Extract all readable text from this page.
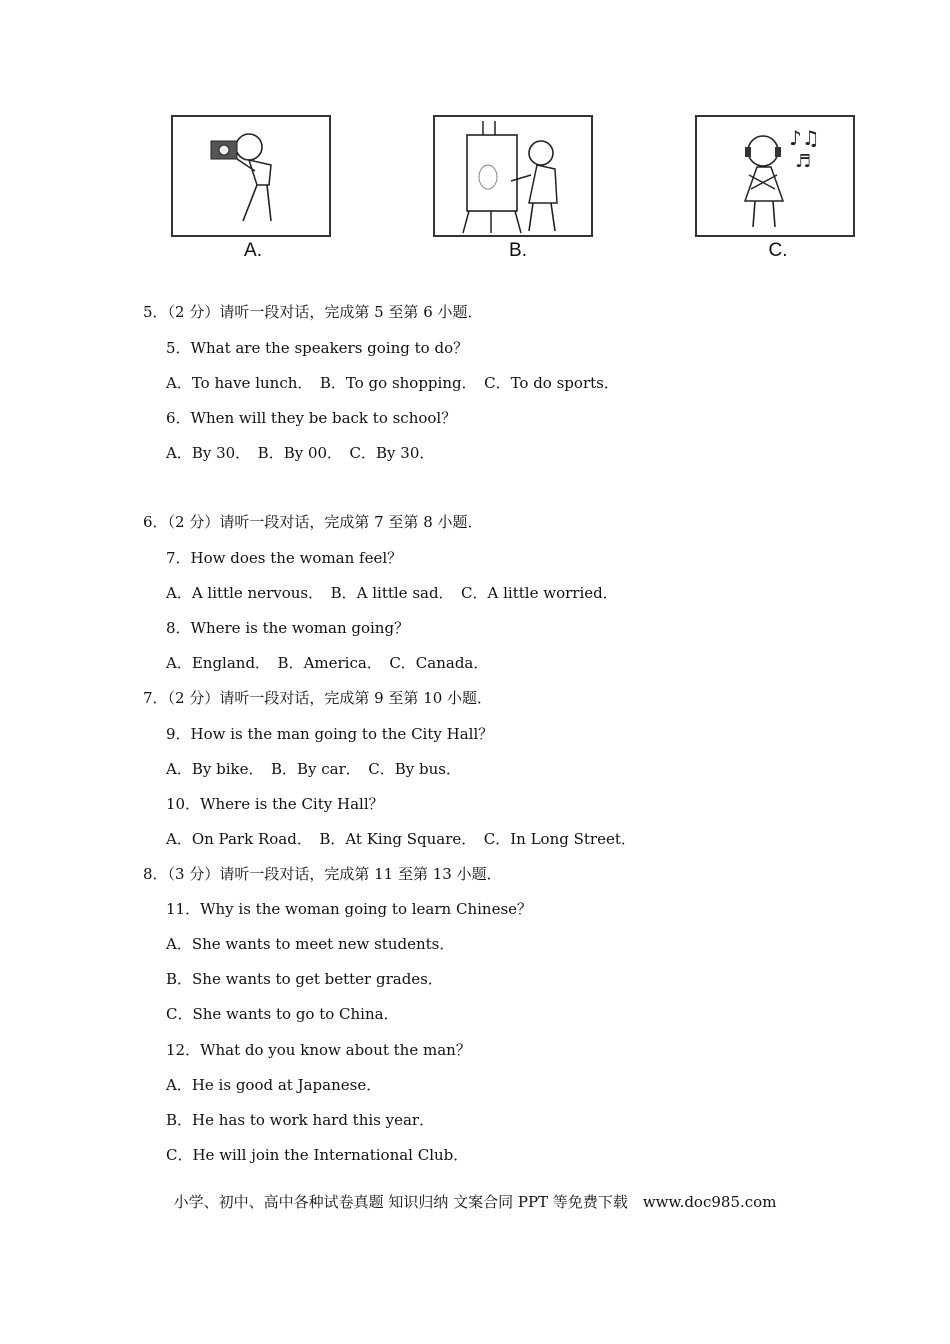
A.	B.
♪♫
♬
C.
5．（2 分）请听一段对话，完成第 5 至第 6 小题．
5．What are the speakers going to do？
A．To have lunch．　B．To go shopping．　C．To do sports．
6．When will they be back to school？
A．By 30．　B．By 00．　C．By 30．
6．（2 分）请听一段对话，完成第 7 至第 8 小题．
7．How does the woman feel？
A．A little nervous．　B．A little sad．　C．A little worried．
8．Where is the woman going？
A．England．　B．America．　C．Canada．
7．（2 分）请听一段对话，完成第 9 至第 10 小题．
9．How is the man going to the City Hall？
A．By bike．　B．By car．　C．By bus．
10．Where is the City Hall？
A．On Park Road．　B．At King Square．　C．In Long Street．
8．（3 分）请听一段对话，完成第 11 至第 13 小题．
11．Why is the woman going to learn Chinese？
A．She wants to meet new students．
B．She wants to get better grades．
C．She wants to go to China．
12．What do you know about the man？
A．He is good at Japanese．
B．He has to work hard this year．
C．He will join the International Club．
小学、初中、高中各种试卷真题 知识归纳 文案合同 PPT 等免费下载　www.doc985.com
